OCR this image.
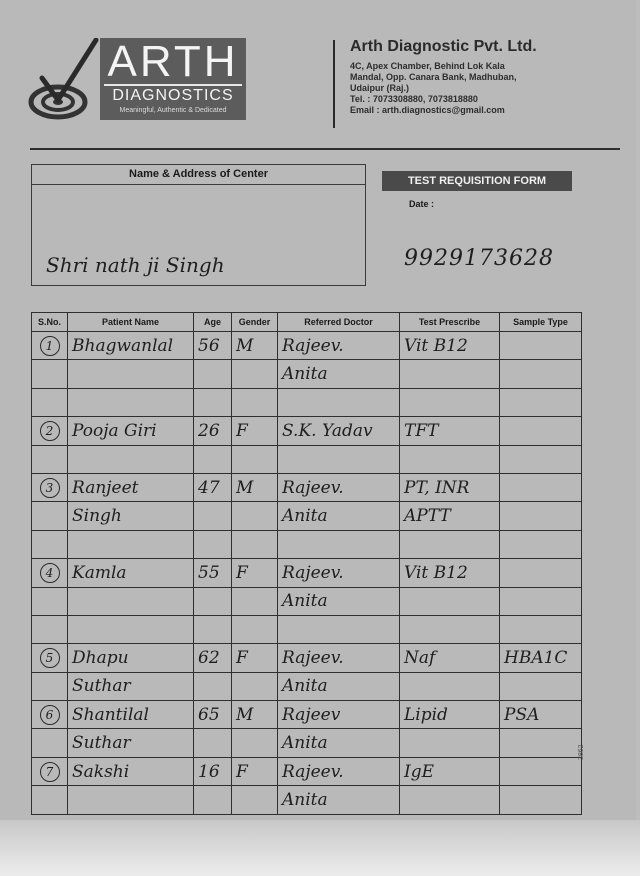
ARTH
DIAGNOSTICS
Meaningful, Authentic & Dedicated
Arth Diagnostic Pvt. Ltd.
4C, Apex Chamber, Behind Lok Kala
Mandal, Opp. Canara Bank, Madhuban,
Udaipur (Raj.)
Tel. : 7073308880, 7073818880
Email : arth.diagnostics@gmail.com
Name & Address of Center
Shri nath ji Singh
TEST REQUISITION FORM
Date :
9929173628
S.No.	Patient Name	Age	Gender	Referred Doctor	Test Prescribe	Sample Type
1	Bhagwanlal	56	M	Rajeev.	Vit B12	
				Anita		

2	Pooja Giri	26	F	S.K. Yadav	TFT	

3	Ranjeet	47	M	Rajeev.	PT, INR	
	Singh			Anita	APTT	

4	Kamla	55	F	Rajeev.	Vit B12	
				Anita		

5	Dhapu	62	F	Rajeev.	Naf	HBA1C
	Suthar			Anita		
6	Shantilal	65	M	Rajeev	Lipid	PSA
	Suthar			Anita		
7	Sakshi	16	F	Rajeev.	IgE	
				Anita		
3862
